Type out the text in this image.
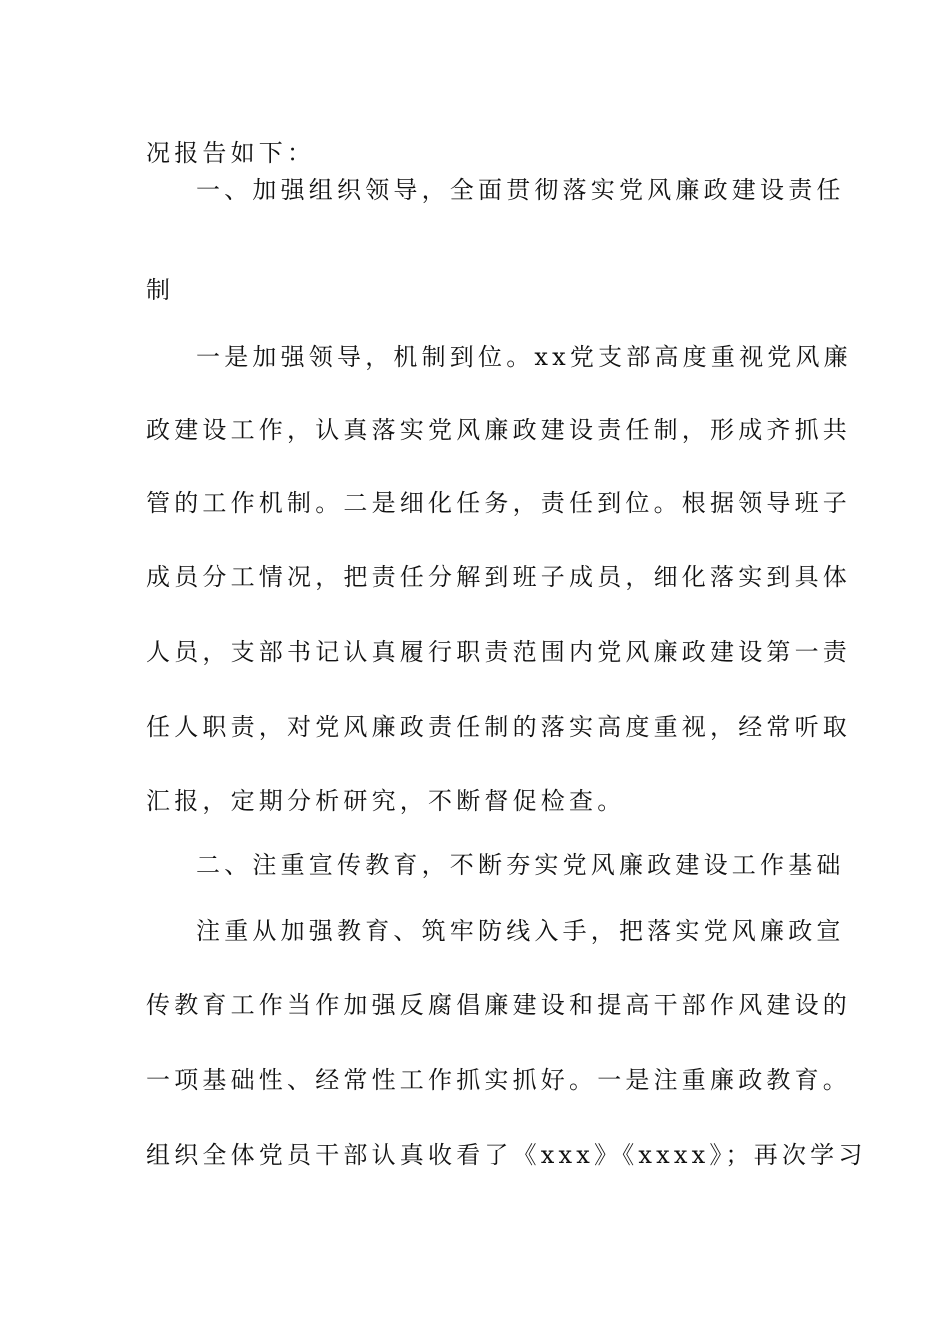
况报告如下：
一、加强组织领导，全面贯彻落实党风廉政建设责任
制
一是加强领导，机制到位。xx党支部高度重视党风廉
政建设工作，认真落实党风廉政建设责任制，形成齐抓共
管的工作机制。二是细化任务，责任到位。根据领导班子
成员分工情况，把责任分解到班子成员，细化落实到具体
人员，支部书记认真履行职责范围内党风廉政建设第一责
任人职责，对党风廉政责任制的落实高度重视，经常听取
汇报，定期分析研究，不断督促检查。
二、注重宣传教育，不断夯实党风廉政建设工作基础
注重从加强教育、筑牢防线入手，把落实党风廉政宣
传教育工作当作加强反腐倡廉建设和提高干部作风建设的
一项基础性、经常性工作抓实抓好。一是注重廉政教育。
组织全体党员干部认真收看了《xxx》《xxxx》；再次学习
